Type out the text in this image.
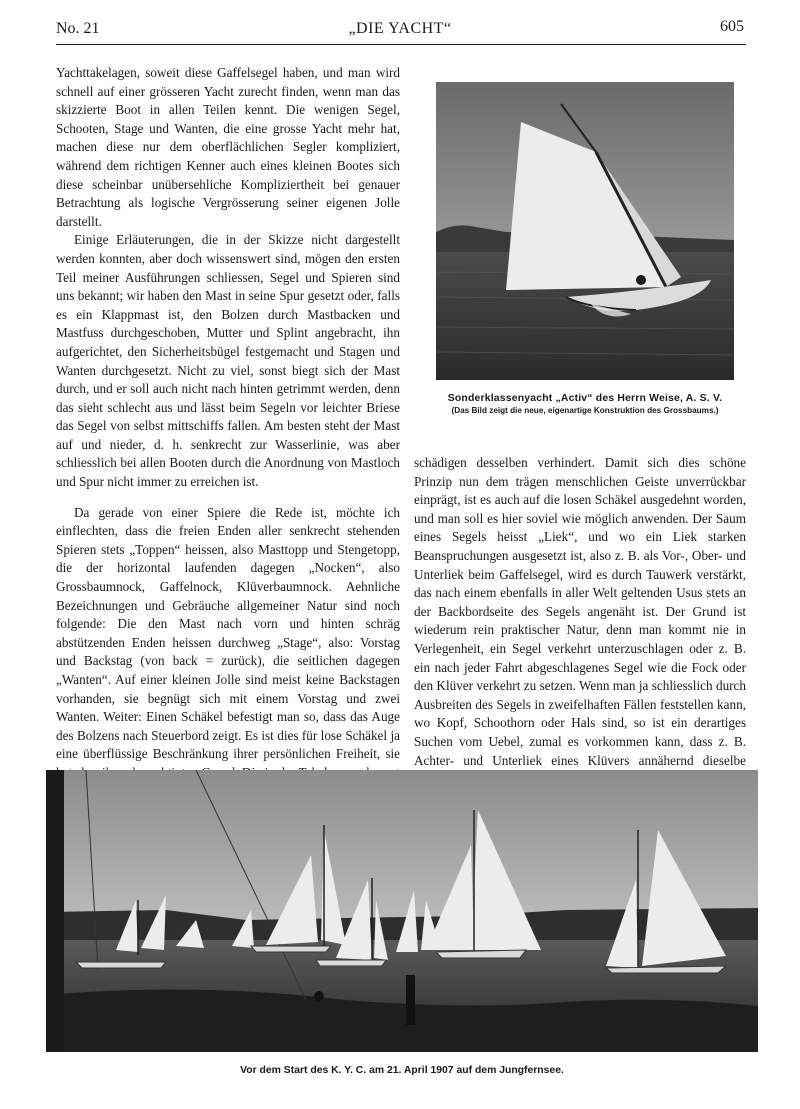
No. 21	„DIE YACHT“	605

Yachttakelagen, soweit diese Gaffelsegel haben, und man wird schnell auf einer grösseren Yacht zurecht finden, wenn man das skizzierte Boot in allen Teilen kennt. Die wenigen Segel, Schooten, Stage und Wanten, die eine grosse Yacht mehr hat, machen diese nur dem oberflächlichen Segler kompliziert, während dem richtigen Kenner auch eines kleinen Bootes sich diese scheinbar unübersehliche Kompliziertheit bei genauer Betrachtung als logische Vergrösserung seiner eigenen Jolle darstellt.

Einige Erläuterungen, die in der Skizze nicht dargestellt werden konnten, aber doch wissenswert sind, mögen den ersten Teil meiner Ausführungen schliessen, Segel und Spieren sind uns bekannt; wir haben den Mast in seine Spur gesetzt oder, falls es ein Klappmast ist, den Bolzen durch Mastbacken und Mastfuss durchgeschoben, Mutter und Splint angebracht, ihn aufgerichtet, den Sicherheitsbügel festgemacht und Stagen und Wanten durchgesetzt. Nicht zu viel, sonst biegt sich der Mast durch, und er soll auch nicht nach hinten getrimmt werden, denn das sieht schlecht aus und lässt beim Segeln vor leichter Briese das Segel von selbst mittschiffs fallen. Am besten steht der Mast auf und nieder, d. h. senkrecht zur Wasserlinie, was aber schliesslich bei allen Booten durch die Anordnung von Mastloch und Spur nicht immer zu erreichen ist.

Da gerade von einer Spiere die Rede ist, möchte ich einflechten, dass die freien Enden aller senkrecht stehenden Spieren stets „Toppen“ heissen, also Masttopp und Stengetopp, die der horizontal laufenden dagegen „Nocken“, also Grossbaumnock, Gaffelnock, Klüverbaumnock. Aehnliche Bezeichnungen und Gebräuche allgemeiner Natur sind noch folgende: Die den Mast nach vorn und hinten schräg abstützenden Enden heissen durchweg „Stage“, also: Vorstag und Backstag (von back = zurück), die seitlichen dagegen „Wanten“. Auf einer kleinen Jolle sind meist keine Backstagen vorhanden, sie begnügt sich mit einem Vorstag und zwei Wanten. Weiter: Einen Schäkel befestigt man so, dass das Auge des Bolzens nach Steuerbord zeigt. Es ist dies für lose Schäkel ja eine überflüssige Beschränkung ihrer persönlichen Freiheit, sie

Sonderklassenyacht „Activ“ des Herrn Weise, A. S. V.
(Das Bild zeigt die neue, eigenartige Konstruktion des Grossbaums.)

schädigen desselben verhindert. Damit sich dies schöne Prinzip nun dem trägen menschlichen Geiste unverrückbar einprägt, ist es auch auf die losen Schäkel ausgedehnt worden, und man soll es hier soviel wie möglich anwenden. Der Saum eines Segels heisst „Liek“, und wo ein Liek starken Beanspruchungen ausgesetzt ist, also z. B. als Vor-, Ober- und Unterliek beim Gaffelsegel, wird es durch Tauwerk verstärkt, das nach einem ebenfalls in aller Welt geltenden Usus stets an der Backbordseite des Segels angenäht ist. Der Grund ist wiederum rein praktischer Natur, denn man kommt nie in Verlegenheit, ein Segel verkehrt unterzuschlagen oder z. B. ein nach jeder Fahrt abgeschlagenes Segel wie die Fock oder den Klüver verkehrt zu setzen. Wenn man ja schliesslich durch Ausbreiten des Segels in zweifelhaften Fällen feststellen kann, wo Kopf, Schoothorn oder Hals sind, so ist ein derartiges Suchen vom Uebel, zumal es vorkommen kann, dass z. B. Achter- und Unterliek eines Klüvers annähernd dieselbe

Vor dem Start des K. Y. C. am 21. April 1907 auf dem Jungfernsee.
